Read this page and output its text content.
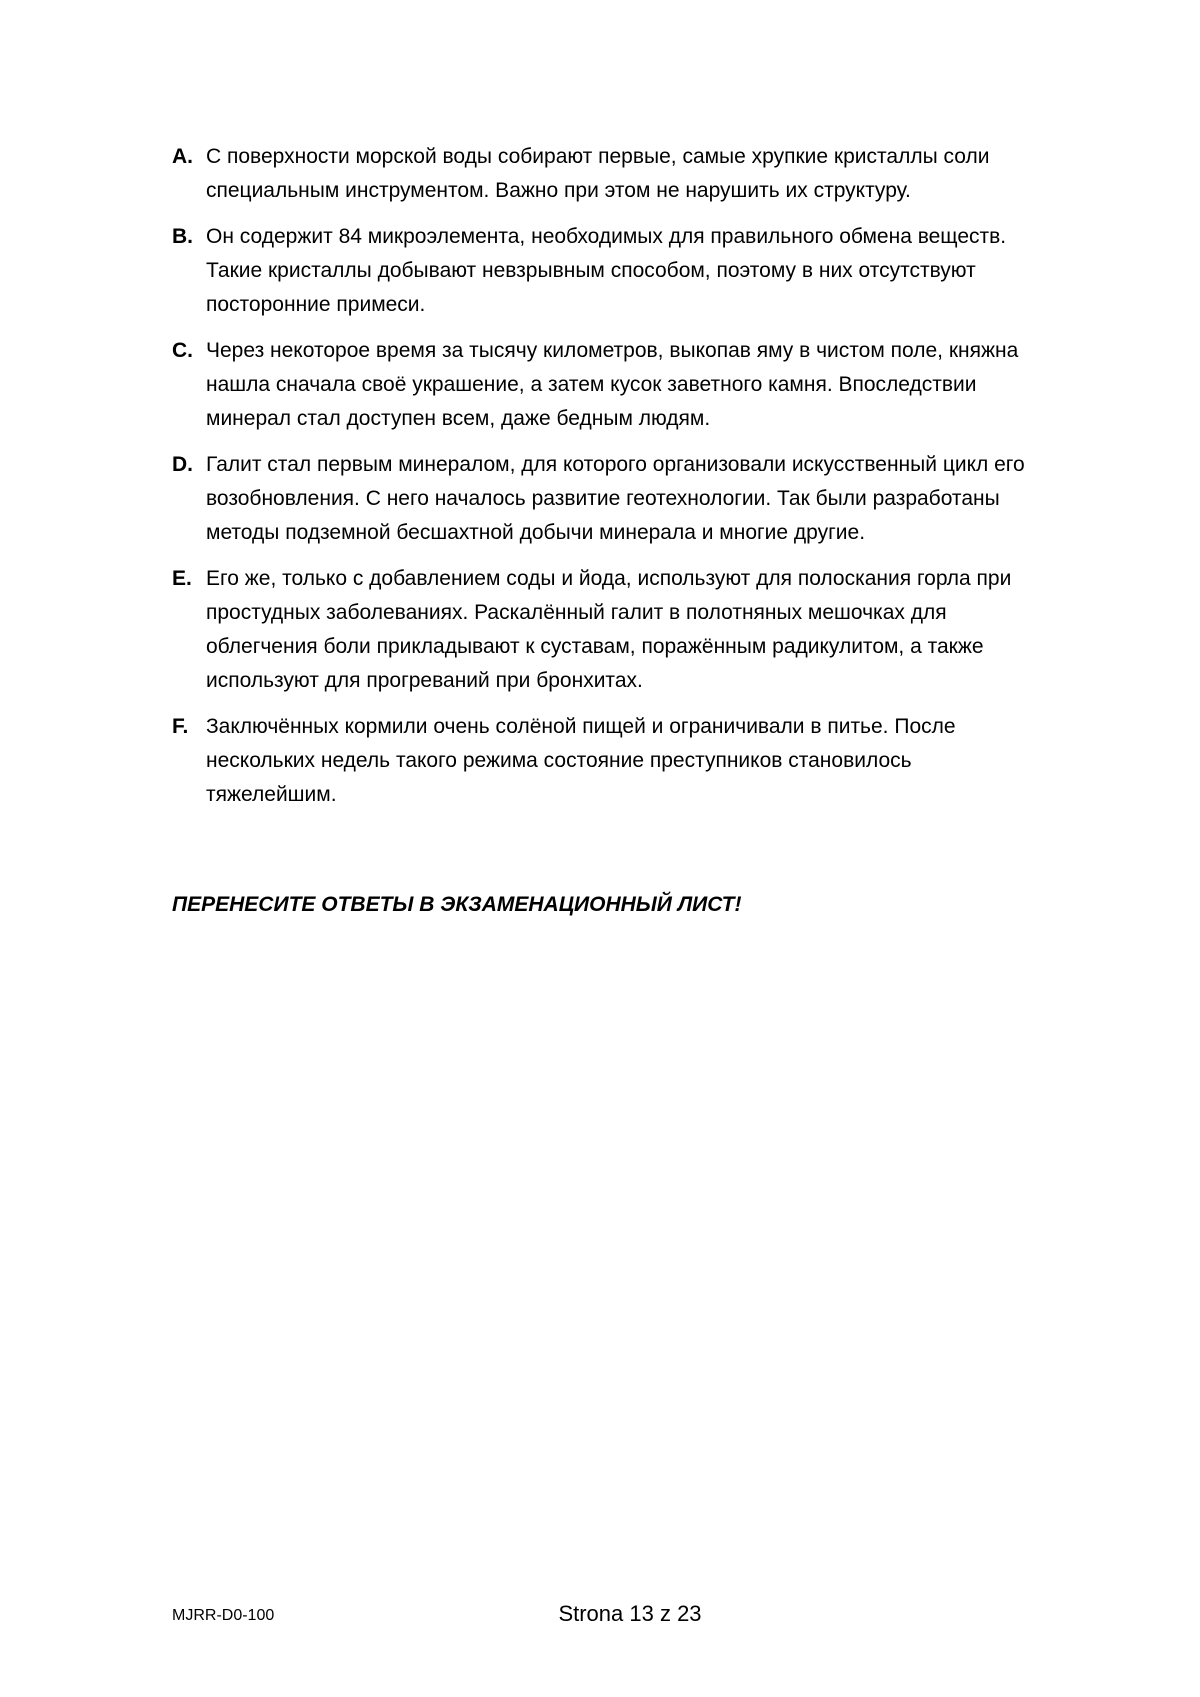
A. С поверхности морской воды собирают первые, самые хрупкие кристаллы соли
специальным инструментом. Важно при этом не нарушить их структуру.
B. Он содержит 84 микроэлемента, необходимых для правильного обмена веществ.
Такие кристаллы добывают невзрывным способом, поэтому в них отсутствуют
посторонние примеси.
C. Через некоторое время за тысячу километров, выкопав яму в чистом поле, княжна
нашла сначала своё украшение, а затем кусок заветного камня. Впоследствии
минерал стал доступен всем, даже бедным людям.
D. Галит стал первым минералом, для которого организовали искусственный цикл его
возобновления. С него началось развитие геотехнологии. Так были разработаны
методы подземной бесшахтной добычи минерала и многие другие.
E. Его же, только с добавлением соды и йода, используют для полоскания горла при
простудных заболеваниях. Раскалённый галит в полотняных мешочках для
облегчения боли прикладывают к суставам, поражённым радикулитом, а также
используют для прогреваний при бронхитах.
F. Заключённых кормили очень солёной пищей и ограничивали в питье. После
нескольких недель такого режима состояние преступников становилось
тяжелейшим.
ПЕРЕНЕСИТЕ ОТВЕТЫ В ЭКЗАМЕНАЦИОННЫЙ ЛИСТ!
MJRR-D0-100	Strona 13 z 23
